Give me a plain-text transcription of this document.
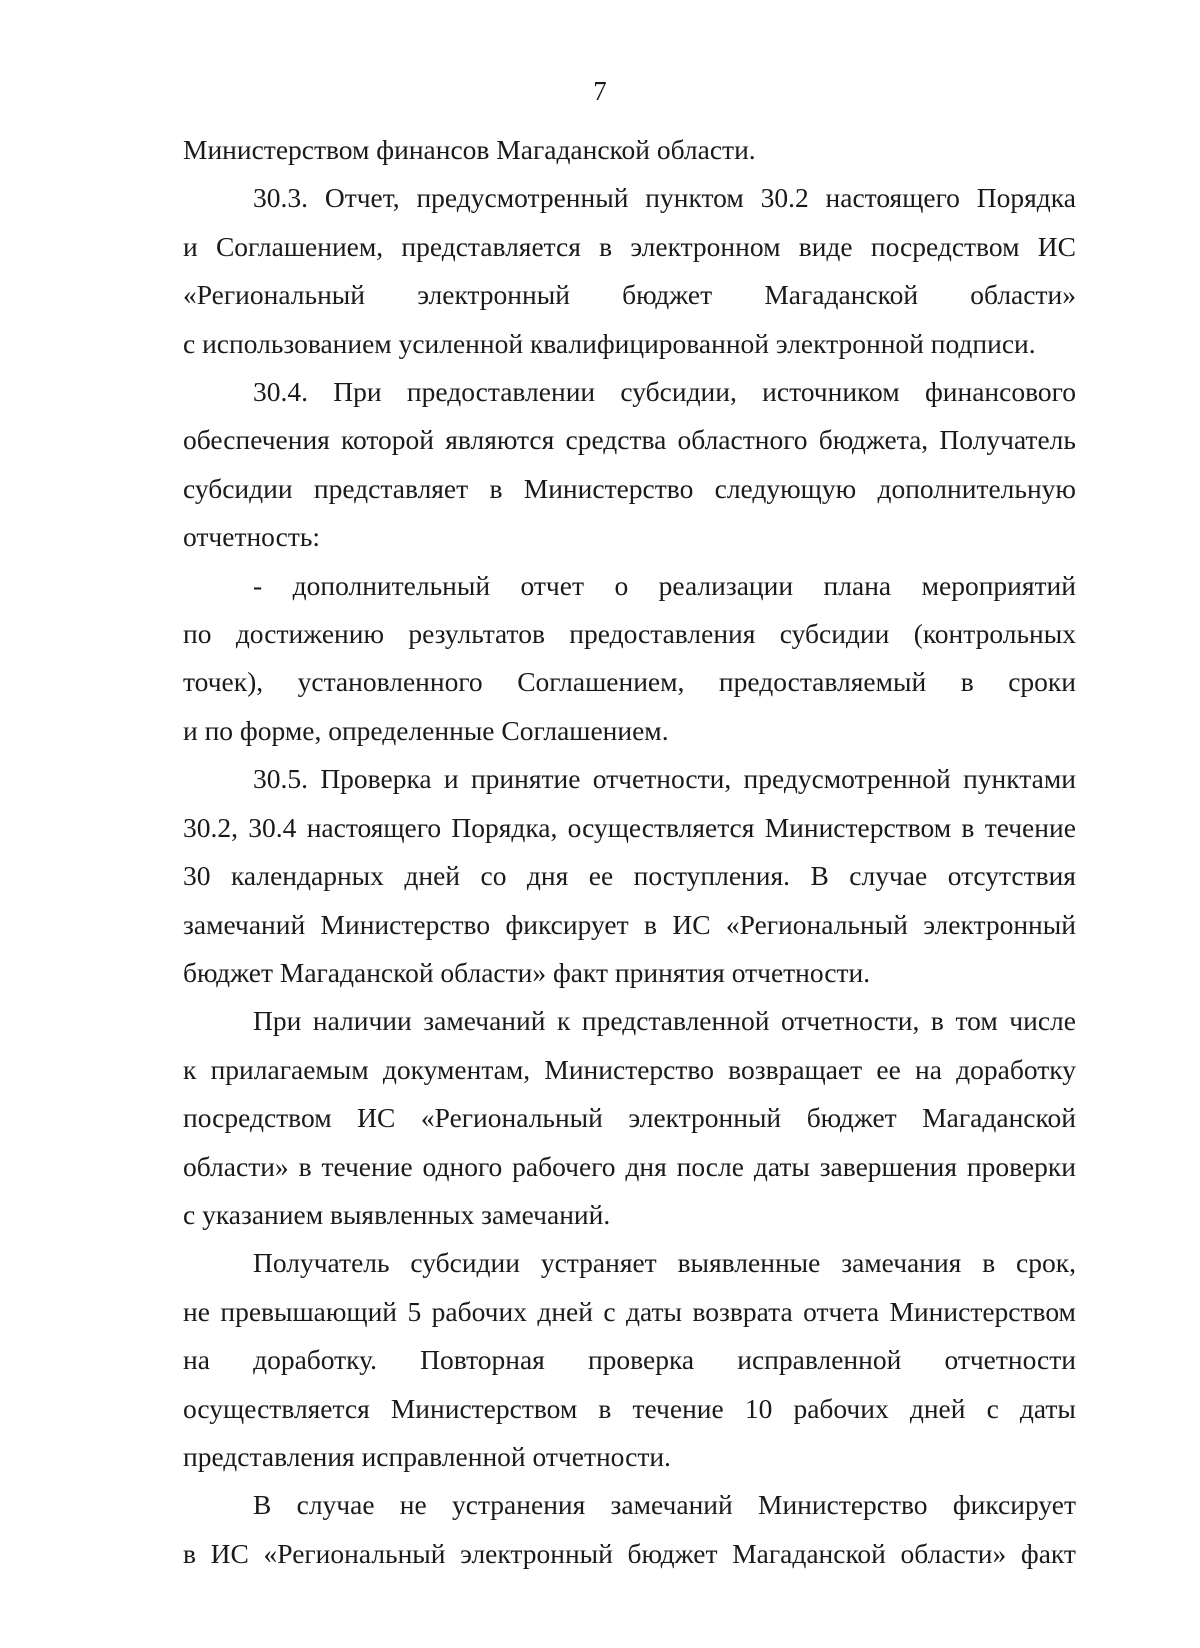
7
Министерством финансов Магаданской области.
30.3. Отчет, предусмотренный пунктом 30.2 настоящего Порядка
и Соглашением, представляется в электронном виде посредством ИС
«Региональный электронный бюджет Магаданской области»
с использованием усиленной квалифицированной электронной подписи.
30.4. При предоставлении субсидии, источником финансового
обеспечения которой являются средства областного бюджета, Получатель
субсидии представляет в Министерство следующую дополнительную
отчетность:
- дополнительный отчет о реализации плана мероприятий
по достижению результатов предоставления субсидии (контрольных
точек), установленного Соглашением, предоставляемый в сроки
и по форме, определенные Соглашением.
30.5. Проверка и принятие отчетности, предусмотренной пунктами
30.2, 30.4 настоящего Порядка, осуществляется Министерством в течение
30 календарных дней со дня ее поступления. В случае отсутствия
замечаний Министерство фиксирует в ИС «Региональный электронный
бюджет Магаданской области» факт принятия отчетности.
При наличии замечаний к представленной отчетности, в том числе
к прилагаемым документам, Министерство возвращает ее на доработку
посредством ИС «Региональный электронный бюджет Магаданской
области» в течение одного рабочего дня после даты завершения проверки
с указанием выявленных замечаний.
Получатель субсидии устраняет выявленные замечания в срок,
не превышающий 5 рабочих дней с даты возврата отчета Министерством
на доработку. Повторная проверка исправленной отчетности
осуществляется Министерством в течение 10 рабочих дней с даты
представления исправленной отчетности.
В случае не устранения замечаний Министерство фиксирует
в ИС «Региональный электронный бюджет Магаданской области» факт
